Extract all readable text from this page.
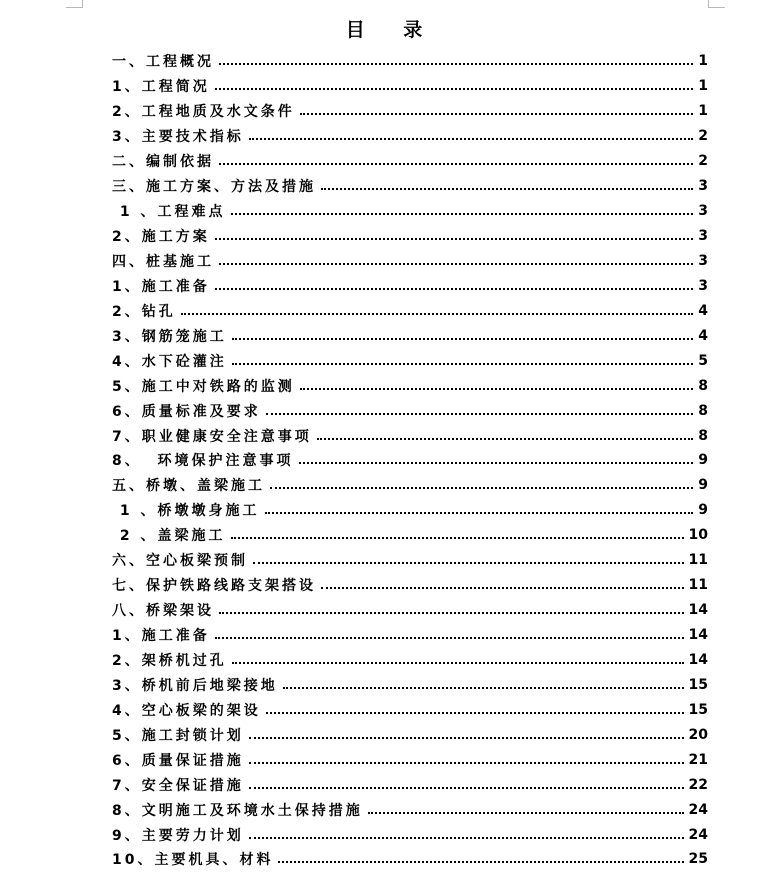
目 录
一、工程概况	1
1、工程简况	1
2、工程地质及水文条件	1
3、主要技术指标	2
二、编制依据	2
三、施工方案、方法及措施	3
1 、工程难点	3
2、施工方案	3
四、桩基施工	3
1、施工准备	3
2、钻孔	4
3、钢筋笼施工	4
4、水下砼灌注	5
5、施工中对铁路的监测	8
6、质量标准及要求	8
7、职业健康安全注意事项	8
8、  环境保护注意事项	9
五、桥墩、盖梁施工	9
1 、桥墩墩身施工	9
2 、盖梁施工	10
六、空心板梁预制	11
七、保护铁路线路支架搭设	11
八、桥梁架设	14
1、施工准备	14
2、架桥机过孔	14
3、桥机前后地梁接地	15
4、空心板梁的架设	15
5、施工封锁计划	20
6、质量保证措施	21
7、安全保证措施	22
8、文明施工及环境水土保持措施	24
9、主要劳力计划	24
10、主要机具、材料	25
